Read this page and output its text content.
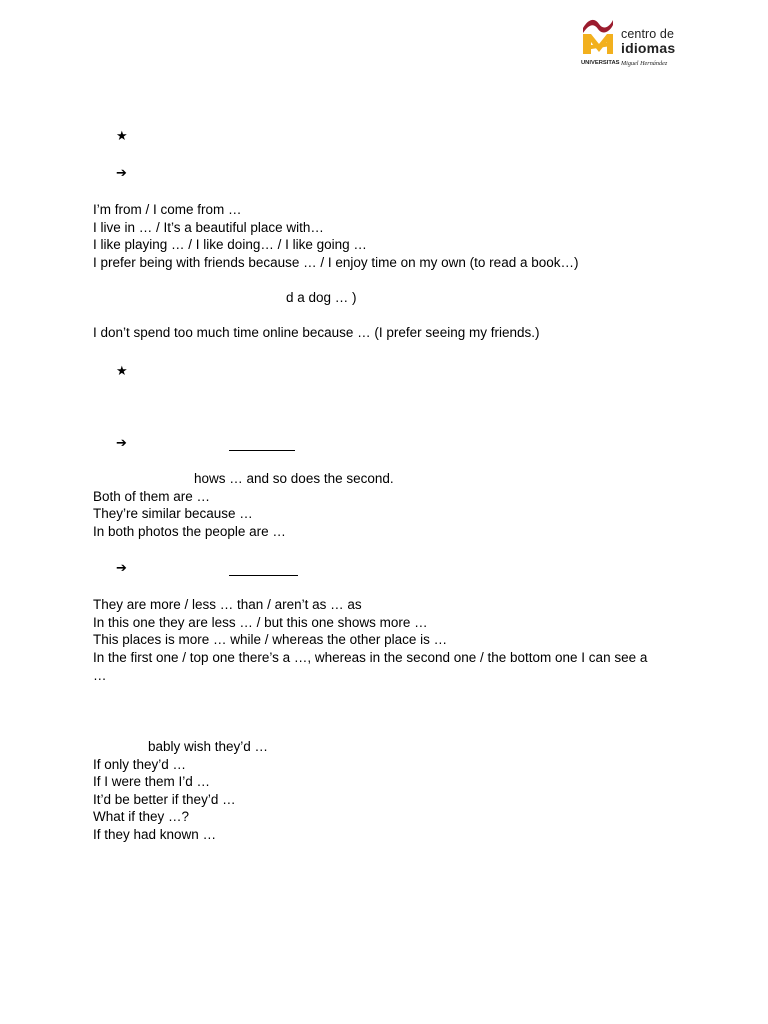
centro de
idiomas
UNIVERSITAS Miguel Hernández
★
➔
I’m from / I come from …
I live in … / It’s a beautiful place with…
I like playing … / I like doing… / I like going …
I prefer being with friends because … / I enjoy time on my own (to read a book…)
d a dog … )
I don’t spend too much time online because … (I prefer seeing my friends.)
★
➔
hows … and so does the second.
Both of them are …
They’re similar because …
In both photos the people are …
➔
They are more / less … than / aren’t as … as
In this one they are less … / but this one shows more …
This places is more … while / whereas the other place is …
In the first one / top one there’s a …, whereas in the second one / the bottom one I can see a
…
bably wish they’d …
If only they’d …
If I were them I’d …
It’d be better if they’d …
What if they …?
If they had known …
